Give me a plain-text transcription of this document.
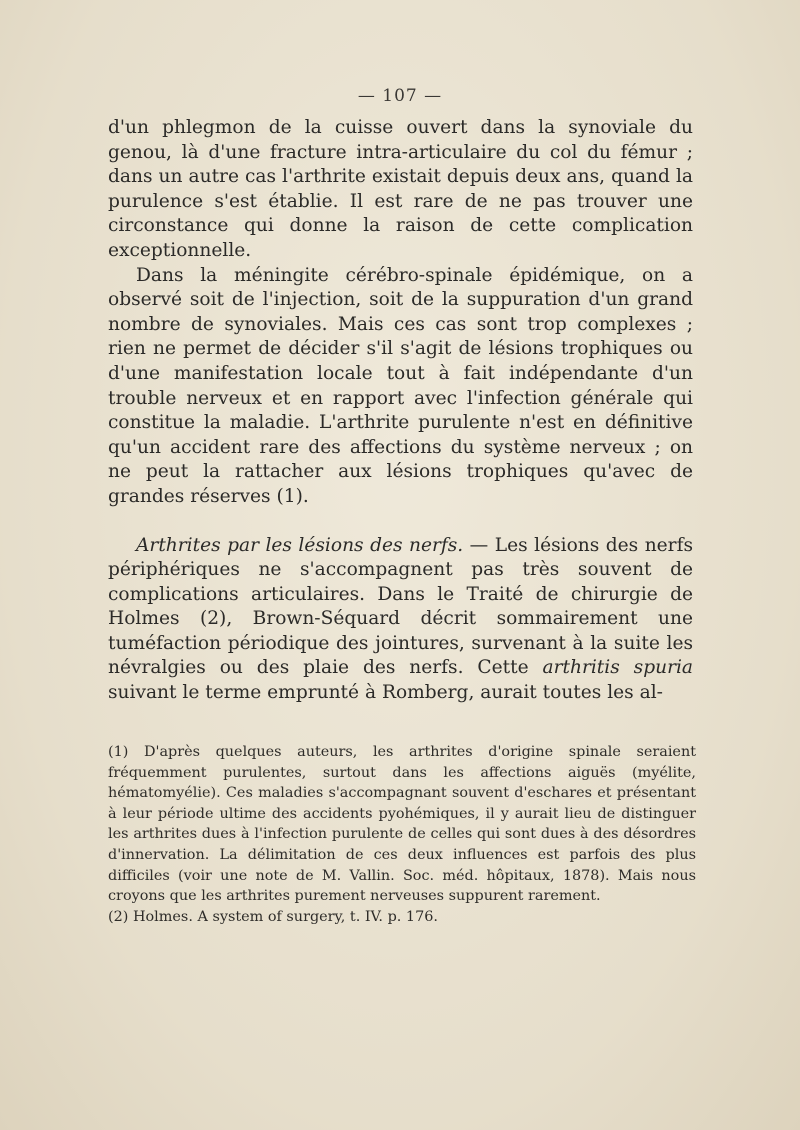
— 107 —

d'un phlegmon de la cuisse ouvert dans la synoviale du genou, là d'une fracture intra-articulaire du col du fémur ; dans un autre cas l'arthrite existait depuis deux ans, quand la purulence s'est établie. Il est rare de ne pas trouver une circonstance qui donne la raison de cette complication exceptionnelle.

Dans la méningite cérébro-spinale épidémique, on a observé soit de l'injection, soit de la suppuration d'un grand nombre de synoviales. Mais ces cas sont trop complexes ; rien ne permet de décider s'il s'agit de lésions trophiques ou d'une manifestation locale tout à fait indépendante d'un trouble nerveux et en rapport avec l'infection générale qui constitue la maladie. L'arthrite purulente n'est en définitive qu'un accident rare des affections du système nerveux ; on ne peut la rattacher aux lésions trophiques qu'avec de grandes réserves (1).

Arthrites par les lésions des nerfs. — Les lésions des nerfs périphériques ne s'accompagnent pas très souvent de complications articulaires. Dans le Traité de chirurgie de Holmes (2), Brown-Séquard décrit sommairement une tuméfaction périodique des jointures, survenant à la suite les névralgies ou des plaie des nerfs. Cette arthritis spuria suivant le terme emprunté à Romberg, aurait toutes les al-

(1) D'après quelques auteurs, les arthrites d'origine spinale seraient fréquemment purulentes, surtout dans les affections aiguës (myélite, hématomyélie). Ces maladies s'accompagnant souvent d'eschares et présentant à leur période ultime des accidents pyohémiques, il y aurait lieu de distinguer les arthrites dues à l'infection purulente de celles qui sont dues à des désordres d'innervation. La délimitation de ces deux influences est parfois des plus difficiles (voir une note de M. Vallin. Soc. méd. hôpitaux, 1878). Mais nous croyons que les arthrites purement nerveuses suppurent rarement.

(2) Holmes. A system of surgery, t. IV. p. 176.
